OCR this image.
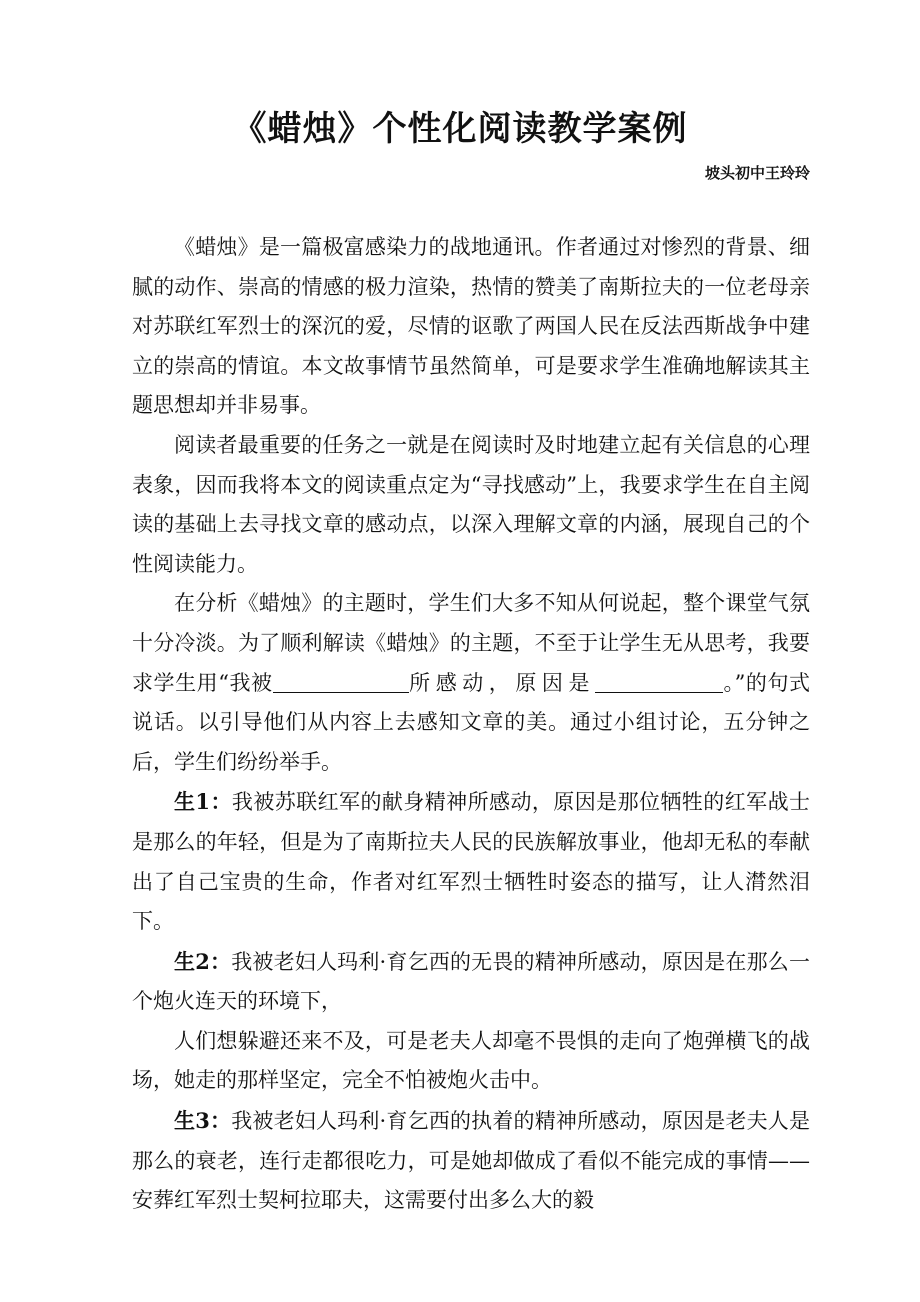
《蜡烛》个性化阅读教学案例
坡头初中王玲玲

《蜡烛》是一篇极富感染力的战地通讯。作者通过对惨烈的背景、细腻的动作、崇高的情感的极力渲染，热情的赞美了南斯拉夫的一位老母亲对苏联红军烈士的深沉的爱，尽情的讴歌了两国人民在反法西斯战争中建立的崇高的情谊。本文故事情节虽然简单，可是要求学生准确地解读其主题思想却并非易事。

阅读者最重要的任务之一就是在阅读时及时地建立起有关信息的心理表象，因而我将本文的阅读重点定为“寻找感动”上，我要求学生在自主阅读的基础上去寻找文章的感动点，以深入理解文章的内涵，展现自己的个性阅读能力。

在分析《蜡烛》的主题时，学生们大多不知从何说起，整个课堂气氛十分冷淡。为了顺利解读《蜡烛》的主题，不至于让学生无从思考，我要求学生用“我被	所感动，原因是	。”的句式说话。以引导他们从内容上去感知文章的美。通过小组讨论，五分钟之后，学生们纷纷举手。

生1：我被苏联红军的献身精神所感动，原因是那位牺牲的红军战士是那么的年轻，但是为了南斯拉夫人民的民族解放事业，他却无私的奉献出了自己宝贵的生命，作者对红军烈士牺牲时姿态的描写，让人潸然泪下。

生2：我被老妇人玛利·育乞西的无畏的精神所感动，原因是在那么一个炮火连天的环境下，

人们想躲避还来不及，可是老夫人却毫不畏惧的走向了炮弹横飞的战场，她走的那样坚定，完全不怕被炮火击中。

生3：我被老妇人玛利·育乞西的执着的精神所感动，原因是老夫人是那么的衰老，连行走都很吃力，可是她却做成了看似不能完成的事情——安葬红军烈士契柯拉耶夫，这需要付出多么大的毅
